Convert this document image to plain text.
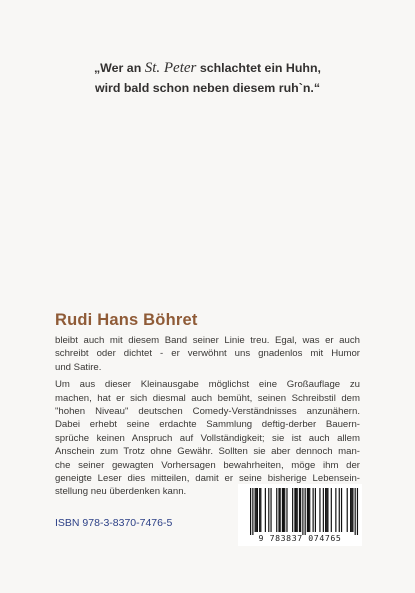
„Wer an St. Peter schlachtet ein Huhn,
wird bald schon neben diesem ruh`n.“
Rudi Hans Böhret

bleibt auch mit diesem Band seiner Linie treu. Egal, was er auch
schreibt oder dichtet - er verwöhnt uns gnadenlos mit Humor
und Satire.

Um aus dieser Kleinausgabe möglichst eine Großauflage zu
machen, hat er sich diesmal auch bemüht, seinen Schreibstil dem
"hohen Niveau" deutschen Comedy-Verständnisses anzunähern.
Dabei erhebt seine erdachte Sammlung deftig-derber Bauern-
sprüche keinen Anspruch auf Vollständigkeit; sie ist auch allem
Anschein zum Trotz ohne Gewähr. Sollten sie aber dennoch man-
che seiner gewagten Vorhersagen bewahrheiten, möge ihm der
geneigte Leser dies mitteilen, damit er seine bisherige Lebensein-
stellung neu überdenken kann.

ISBN 978-3-8370-7476-5
9 783837 074765
